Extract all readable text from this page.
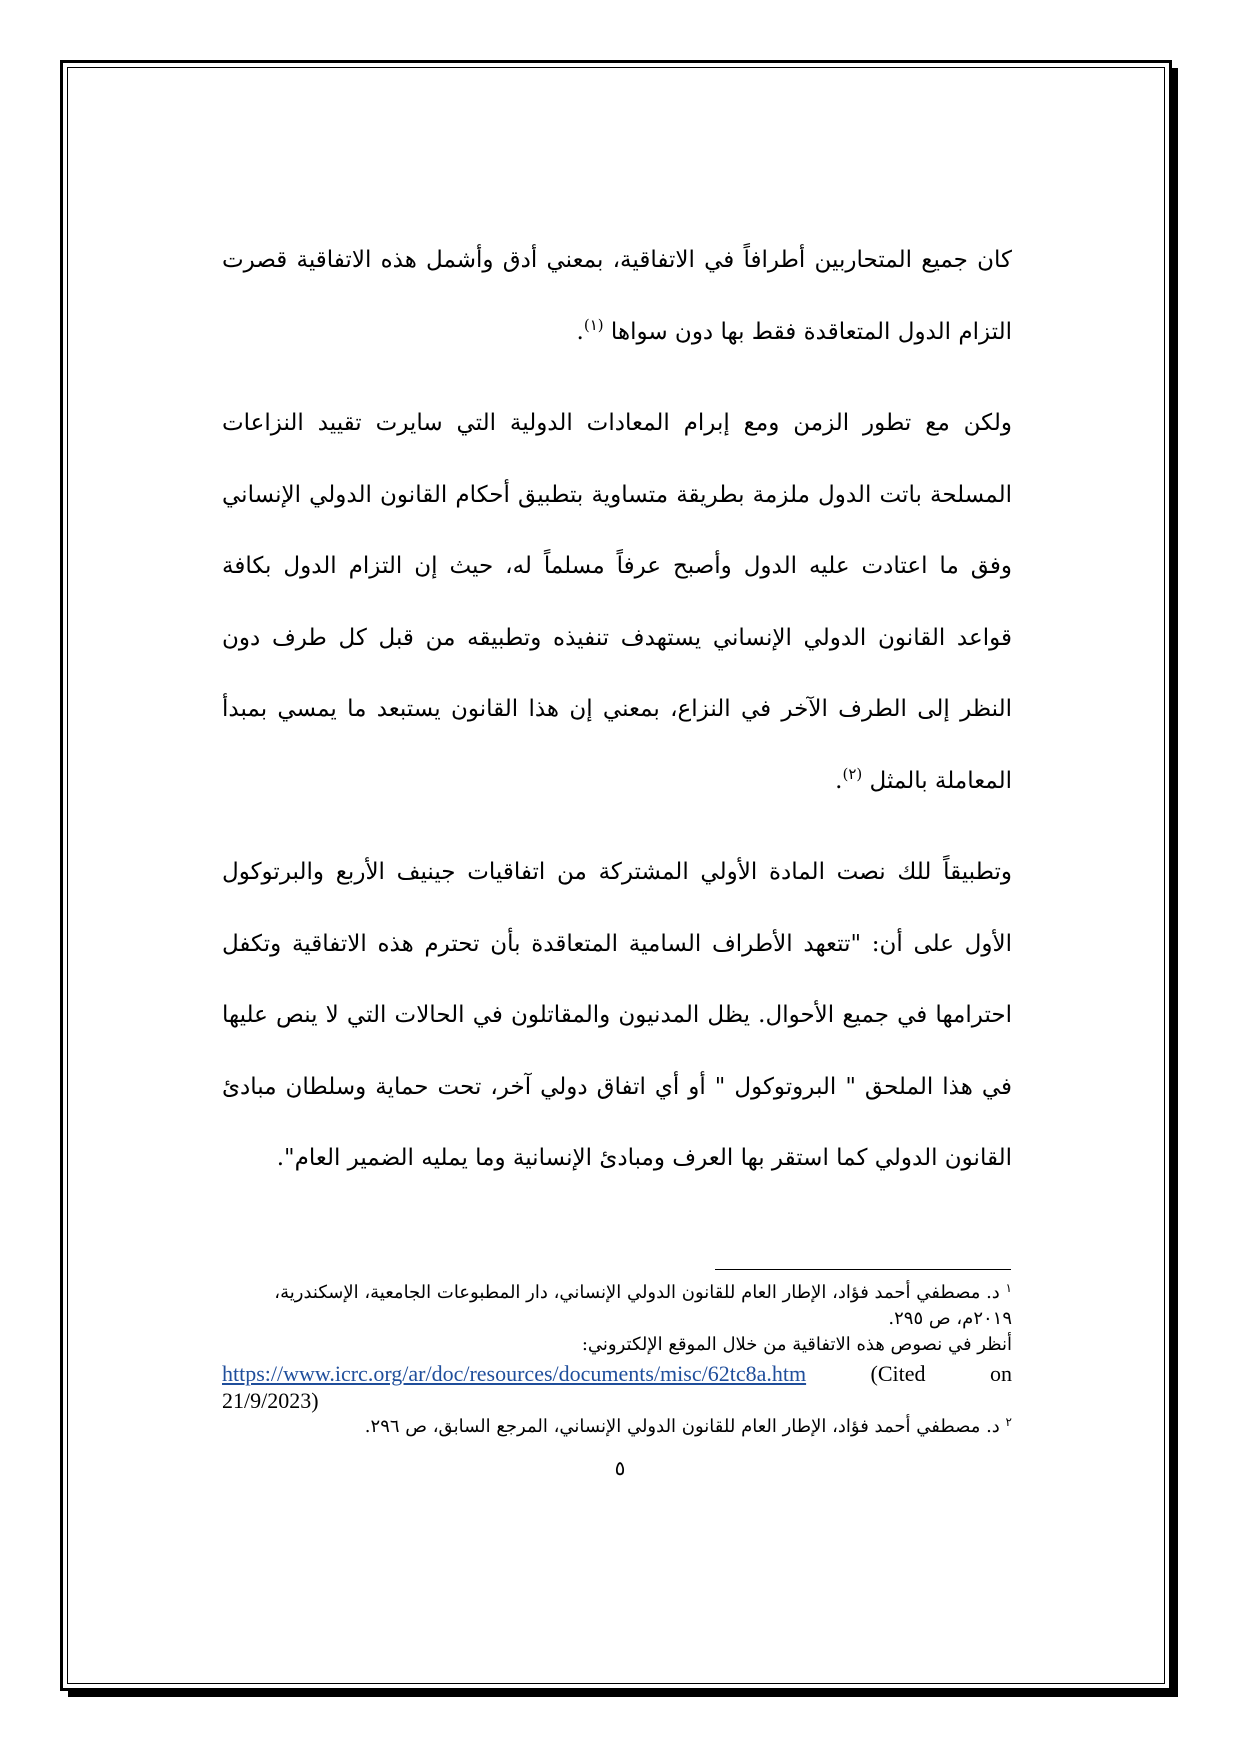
كان جميع المتحاربين أطرافاً في الاتفاقية، بمعني أدق وأشمل هذه الاتفاقية قصرت التزام الدول المتعاقدة فقط بها دون سواها $^{(١)}$.

ولكن مع تطور الزمن ومع إبرام المعادات الدولية التي سايرت تقييد النزاعات المسلحة باتت الدول ملزمة بطريقة متساوية بتطبيق أحكام القانون الدولي الإنساني وفق ما اعتادت عليه الدول وأصبح عرفاً مسلماً له، حيث إن التزام الدول بكافة قواعد القانون الدولي الإنساني يستهدف تنفيذه وتطبيقه من قبل كل طرف دون النظر إلى الطرف الآخر في النزاع، بمعني إن هذا القانون يستبعد ما يمسي بمبدأ المعاملة بالمثل $^{(٢)}$.

وتطبيقاً للك نصت المادة الأولي المشتركة من اتفاقيات جينيف الأربع والبرتوكول الأول على أن: "تتعهد الأطراف السامية المتعاقدة بأن تحترم هذه الاتفاقية وتكفل احترامها في جميع الأحوال. يظل المدنيون والمقاتلون في الحالات التي لا ينص عليها في هذا الملحق " البروتوكول " أو أي اتفاق دولي آخر، تحت حماية وسلطان مبادئ القانون الدولي كما استقر بها العرف ومبادئ الإنسانية وما يمليه الضمير العام".

$^١$ د. مصطفي أحمد فؤاد، الإطار العام للقانون الدولي الإنساني، دار المطبوعات الجامعية، الإسكندرية، ٢٠١٩م، ص ٢٩٥.
أنظر في نصوص هذه الاتفاقية من خلال الموقع الإلكتروني:
https://www.icrc.org/ar/doc/resources/documents/misc/62tc8a.htm	(Cited on
21/9/2023)
$^٢$ د. مصطفي أحمد فؤاد، الإطار العام للقانون الدولي الإنساني، المرجع السابق، ص ٢٩٦.
٥
